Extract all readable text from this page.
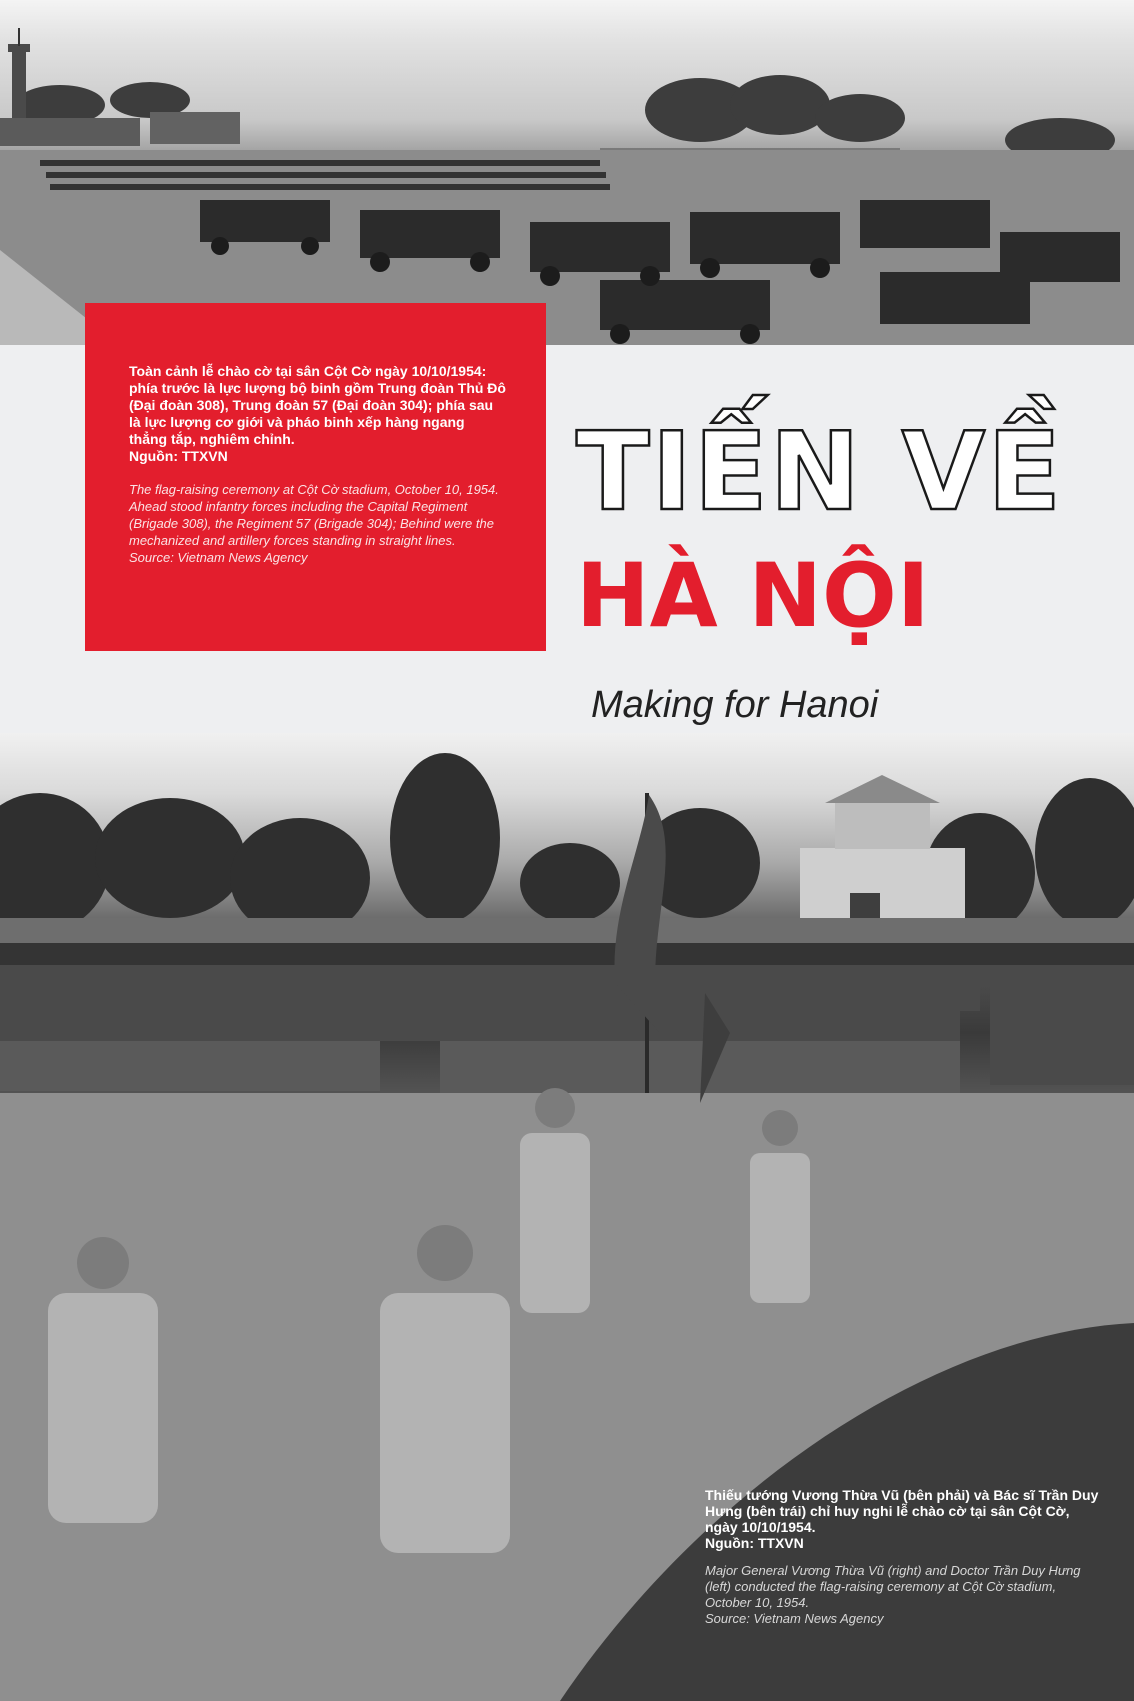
Toàn cảnh lễ chào cờ tại sân Cột Cờ ngày 10/10/1954: phía trước là lực lượng bộ binh gồm Trung đoàn Thủ Đô (Đại đoàn 308), Trung đoàn 57 (Đại đoàn 304); phía sau là lực lượng cơ giới và pháo binh xếp hàng ngang thẳng tắp, nghiêm chỉnh.

Nguồn: TTXVN

The flag-raising ceremony at Cột Cờ stadium, October 10, 1954. Ahead stood infantry forces including the Capital Regiment (Brigade 308), the Regiment 57 (Brigade 304); Behind were the mechanized and artillery forces standing in straight lines.

Source: Vietnam News Agency

TIẾN VỀ
HÀ NỘI
Making for Hanoi

Thiếu tướng Vương Thừa Vũ (bên phải) và Bác sĩ Trần Duy Hưng (bên trái) chỉ huy nghi lễ chào cờ tại sân Cột Cờ, ngày 10/10/1954.

Nguồn: TTXVN

Major General Vương Thừa Vũ (right) and Doctor Trần Duy Hưng (left) conducted the flag-raising ceremony at Cột Cờ stadium, October 10, 1954.

Source: Vietnam News Agency
